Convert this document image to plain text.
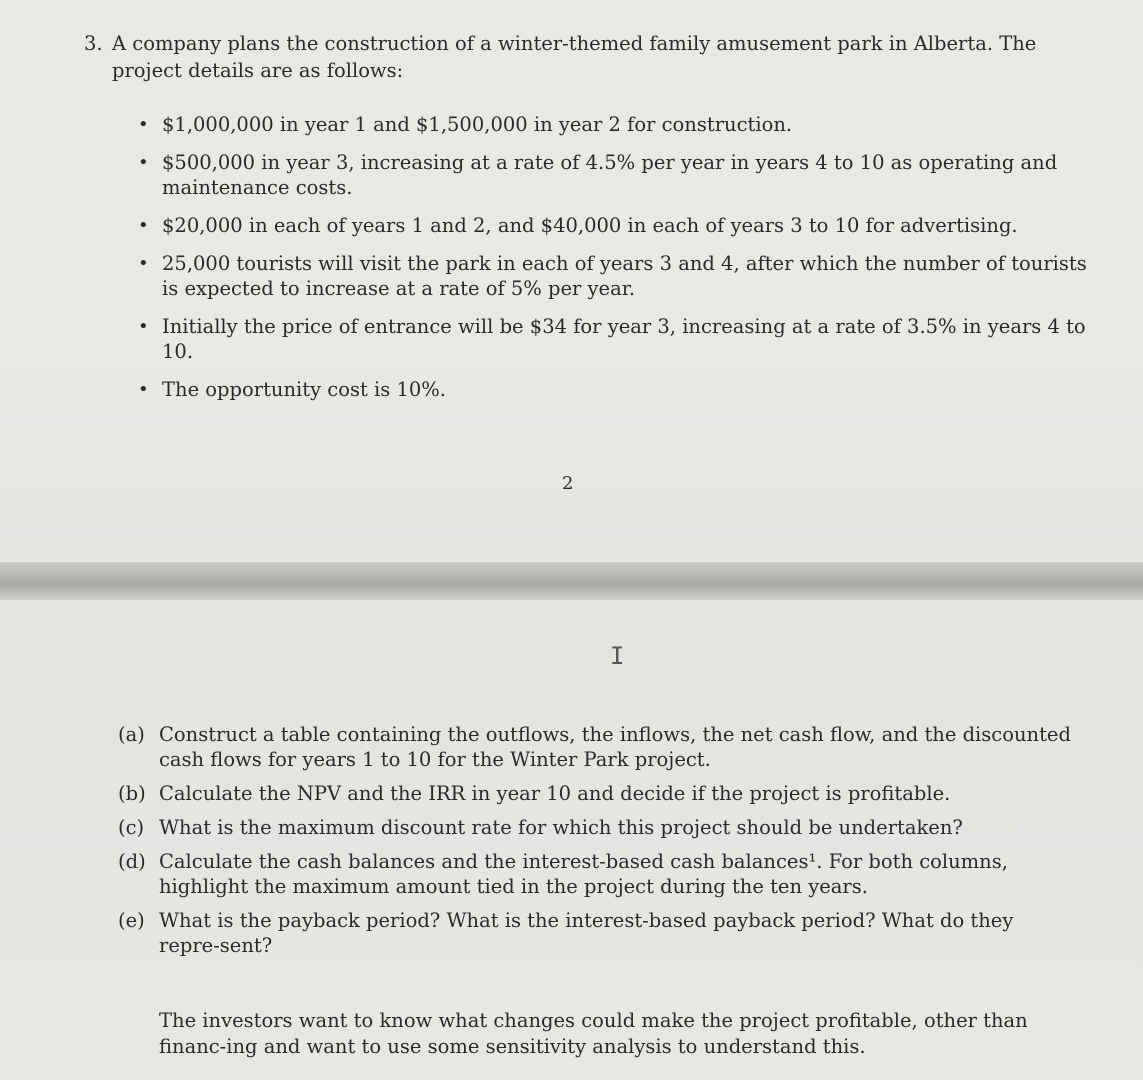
3. A company plans the construction of a winter-themed family amusement park in Alberta. The project details are as follows:
• $1,000,000 in year 1 and $1,500,000 in year 2 for construction.
• $500,000 in year 3, increasing at a rate of 4.5% per year in years 4 to 10 as operating and maintenance costs.
• $20,000 in each of years 1 and 2, and $40,000 in each of years 3 to 10 for advertising.
• 25,000 tourists will visit the park in each of years 3 and 4, after which the number of tourists is expected to increase at a rate of 5% per year.
• Initially the price of entrance will be $34 for year 3, increasing at a rate of 3.5% in years 4 to 10.
• The opportunity cost is 10%.
2
I
(a) Construct a table containing the outflows, the inflows, the net cash flow, and the discounted cash flows for years 1 to 10 for the Winter Park project.
(b) Calculate the NPV and the IRR in year 10 and decide if the project is profitable.
(c) What is the maximum discount rate for which this project should be undertaken?
(d) Calculate the cash balances and the interest-based cash balances¹. For both columns, highlight the maximum amount tied in the project during the ten years.
(e) What is the payback period? What is the interest-based payback period? What do they repre-sent?
The investors want to know what changes could make the project profitable, other than financ-ing and want to use some sensitivity analysis to understand this.
